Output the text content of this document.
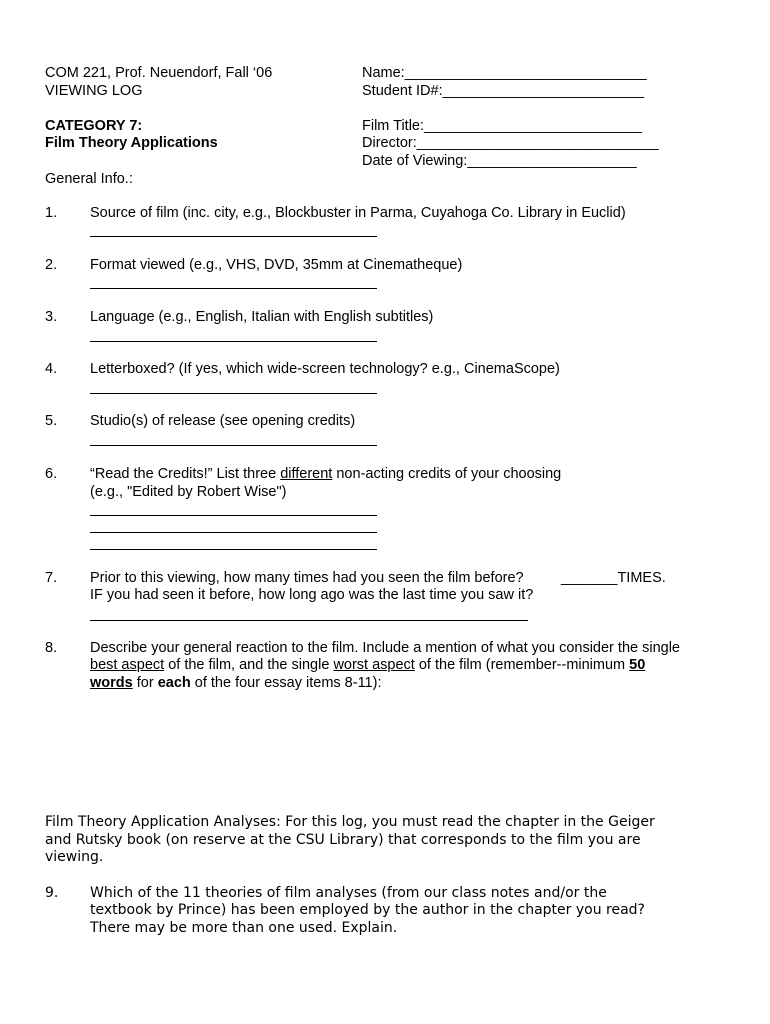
COM 221, Prof. Neuendorf, Fall ‘06
VIEWING LOG
Name:______________________________
Student ID#:_________________________
CATEGORY 7:
Film Theory Applications
Film Title:___________________________
Director:______________________________
Date of Viewing:_____________________
General Info.:
1. Source of film (inc. city, e.g., Blockbuster in Parma, Cuyahoga Co. Library in Euclid)
2. Format viewed (e.g., VHS, DVD, 35mm at Cinematheque)
3. Language (e.g., English, Italian with English subtitles)
4. Letterboxed? (If yes, which wide-screen technology? e.g., CinemaScope)
5. Studio(s) of release (see opening credits)
6. “Read the Credits!” List three different non-acting credits of your choosing
(e.g., "Edited by Robert Wise")
7. Prior to this viewing, how many times had you seen the film before?	_______TIMES.
IF you had seen it before, how long ago was the last time you saw it?
8. Describe your general reaction to the film. Include a mention of what you consider the single
best aspect of the film, and the single worst aspect of the film (remember--minimum 50
words for each of the four essay items 8-11):
Film Theory Application Analyses: For this log, you must read the chapter in the Geiger
and Rutsky book (on reserve at the CSU Library) that corresponds to the film you are
viewing.
9. Which of the 11 theories of film analyses (from our class notes and/or the
textbook by Prince) has been employed by the author in the chapter you read?
There may be more than one used. Explain.
